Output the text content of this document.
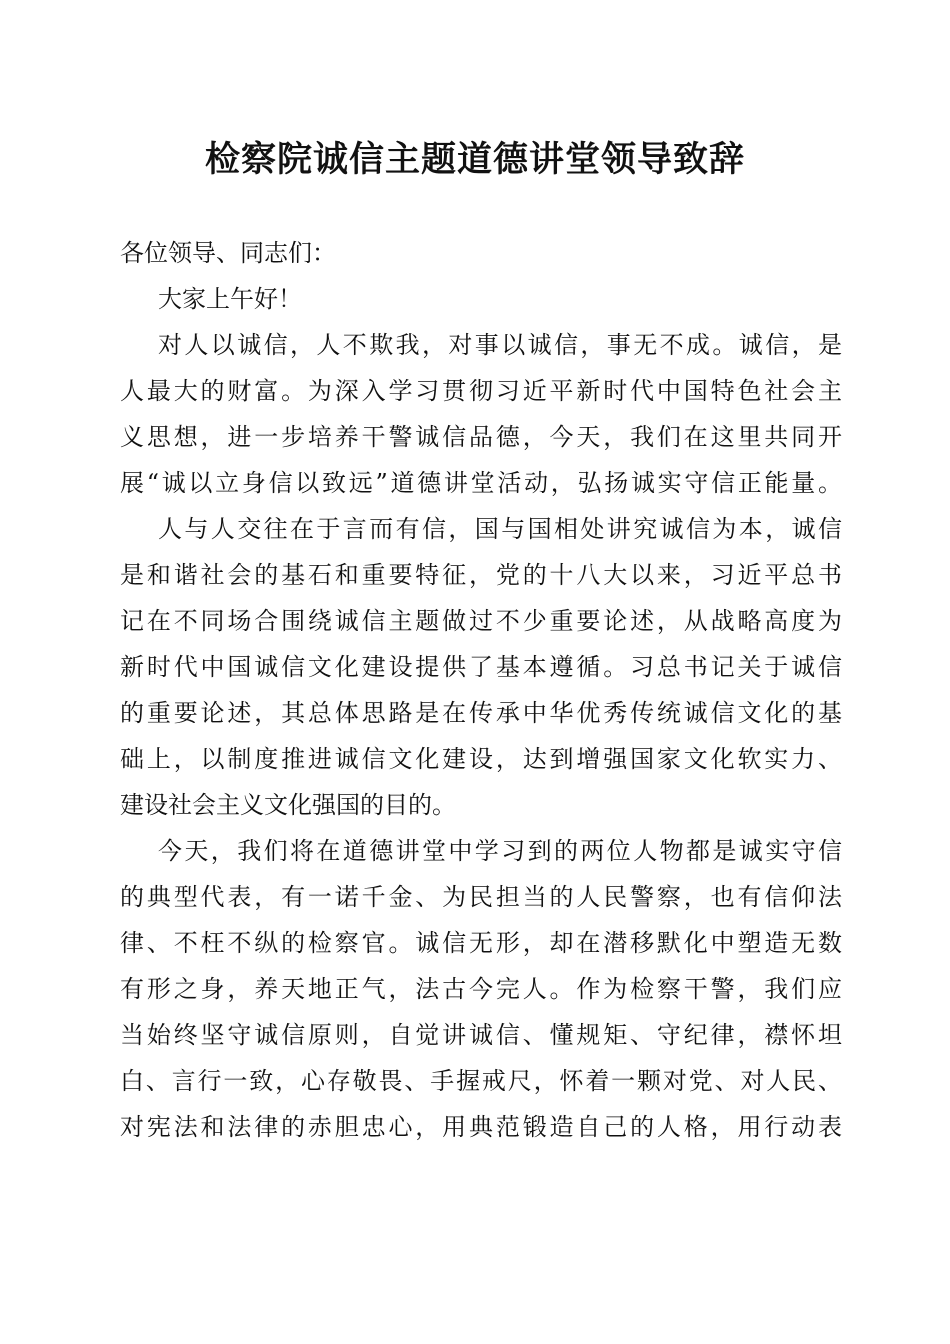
检察院诚信主题道德讲堂领导致辞
各位领导、同志们：
大家上午好！
对人以诚信，人不欺我，对事以诚信，事无不成。诚信，是
人最大的财富。为深入学习贯彻习近平新时代中国特色社会主
义思想，进一步培养干警诚信品德，今天，我们在这里共同开
展“诚以立身信以致远”道德讲堂活动，弘扬诚实守信正能量。
人与人交往在于言而有信，国与国相处讲究诚信为本，诚信
是和谐社会的基石和重要特征，党的十八大以来，习近平总书
记在不同场合围绕诚信主题做过不少重要论述，从战略高度为
新时代中国诚信文化建设提供了基本遵循。习总书记关于诚信
的重要论述，其总体思路是在传承中华优秀传统诚信文化的基
础上，以制度推进诚信文化建设，达到增强国家文化软实力、
建设社会主义文化强国的目的。
今天，我们将在道德讲堂中学习到的两位人物都是诚实守信
的典型代表，有一诺千金、为民担当的人民警察，也有信仰法
律、不枉不纵的检察官。诚信无形，却在潜移默化中塑造无数
有形之身，养天地正气，法古今完人。作为检察干警，我们应
当始终坚守诚信原则，自觉讲诚信、懂规矩、守纪律，襟怀坦
白、言行一致，心存敬畏、手握戒尺，怀着一颗对党、对人民、
对宪法和法律的赤胆忠心，用典范锻造自己的人格，用行动表
